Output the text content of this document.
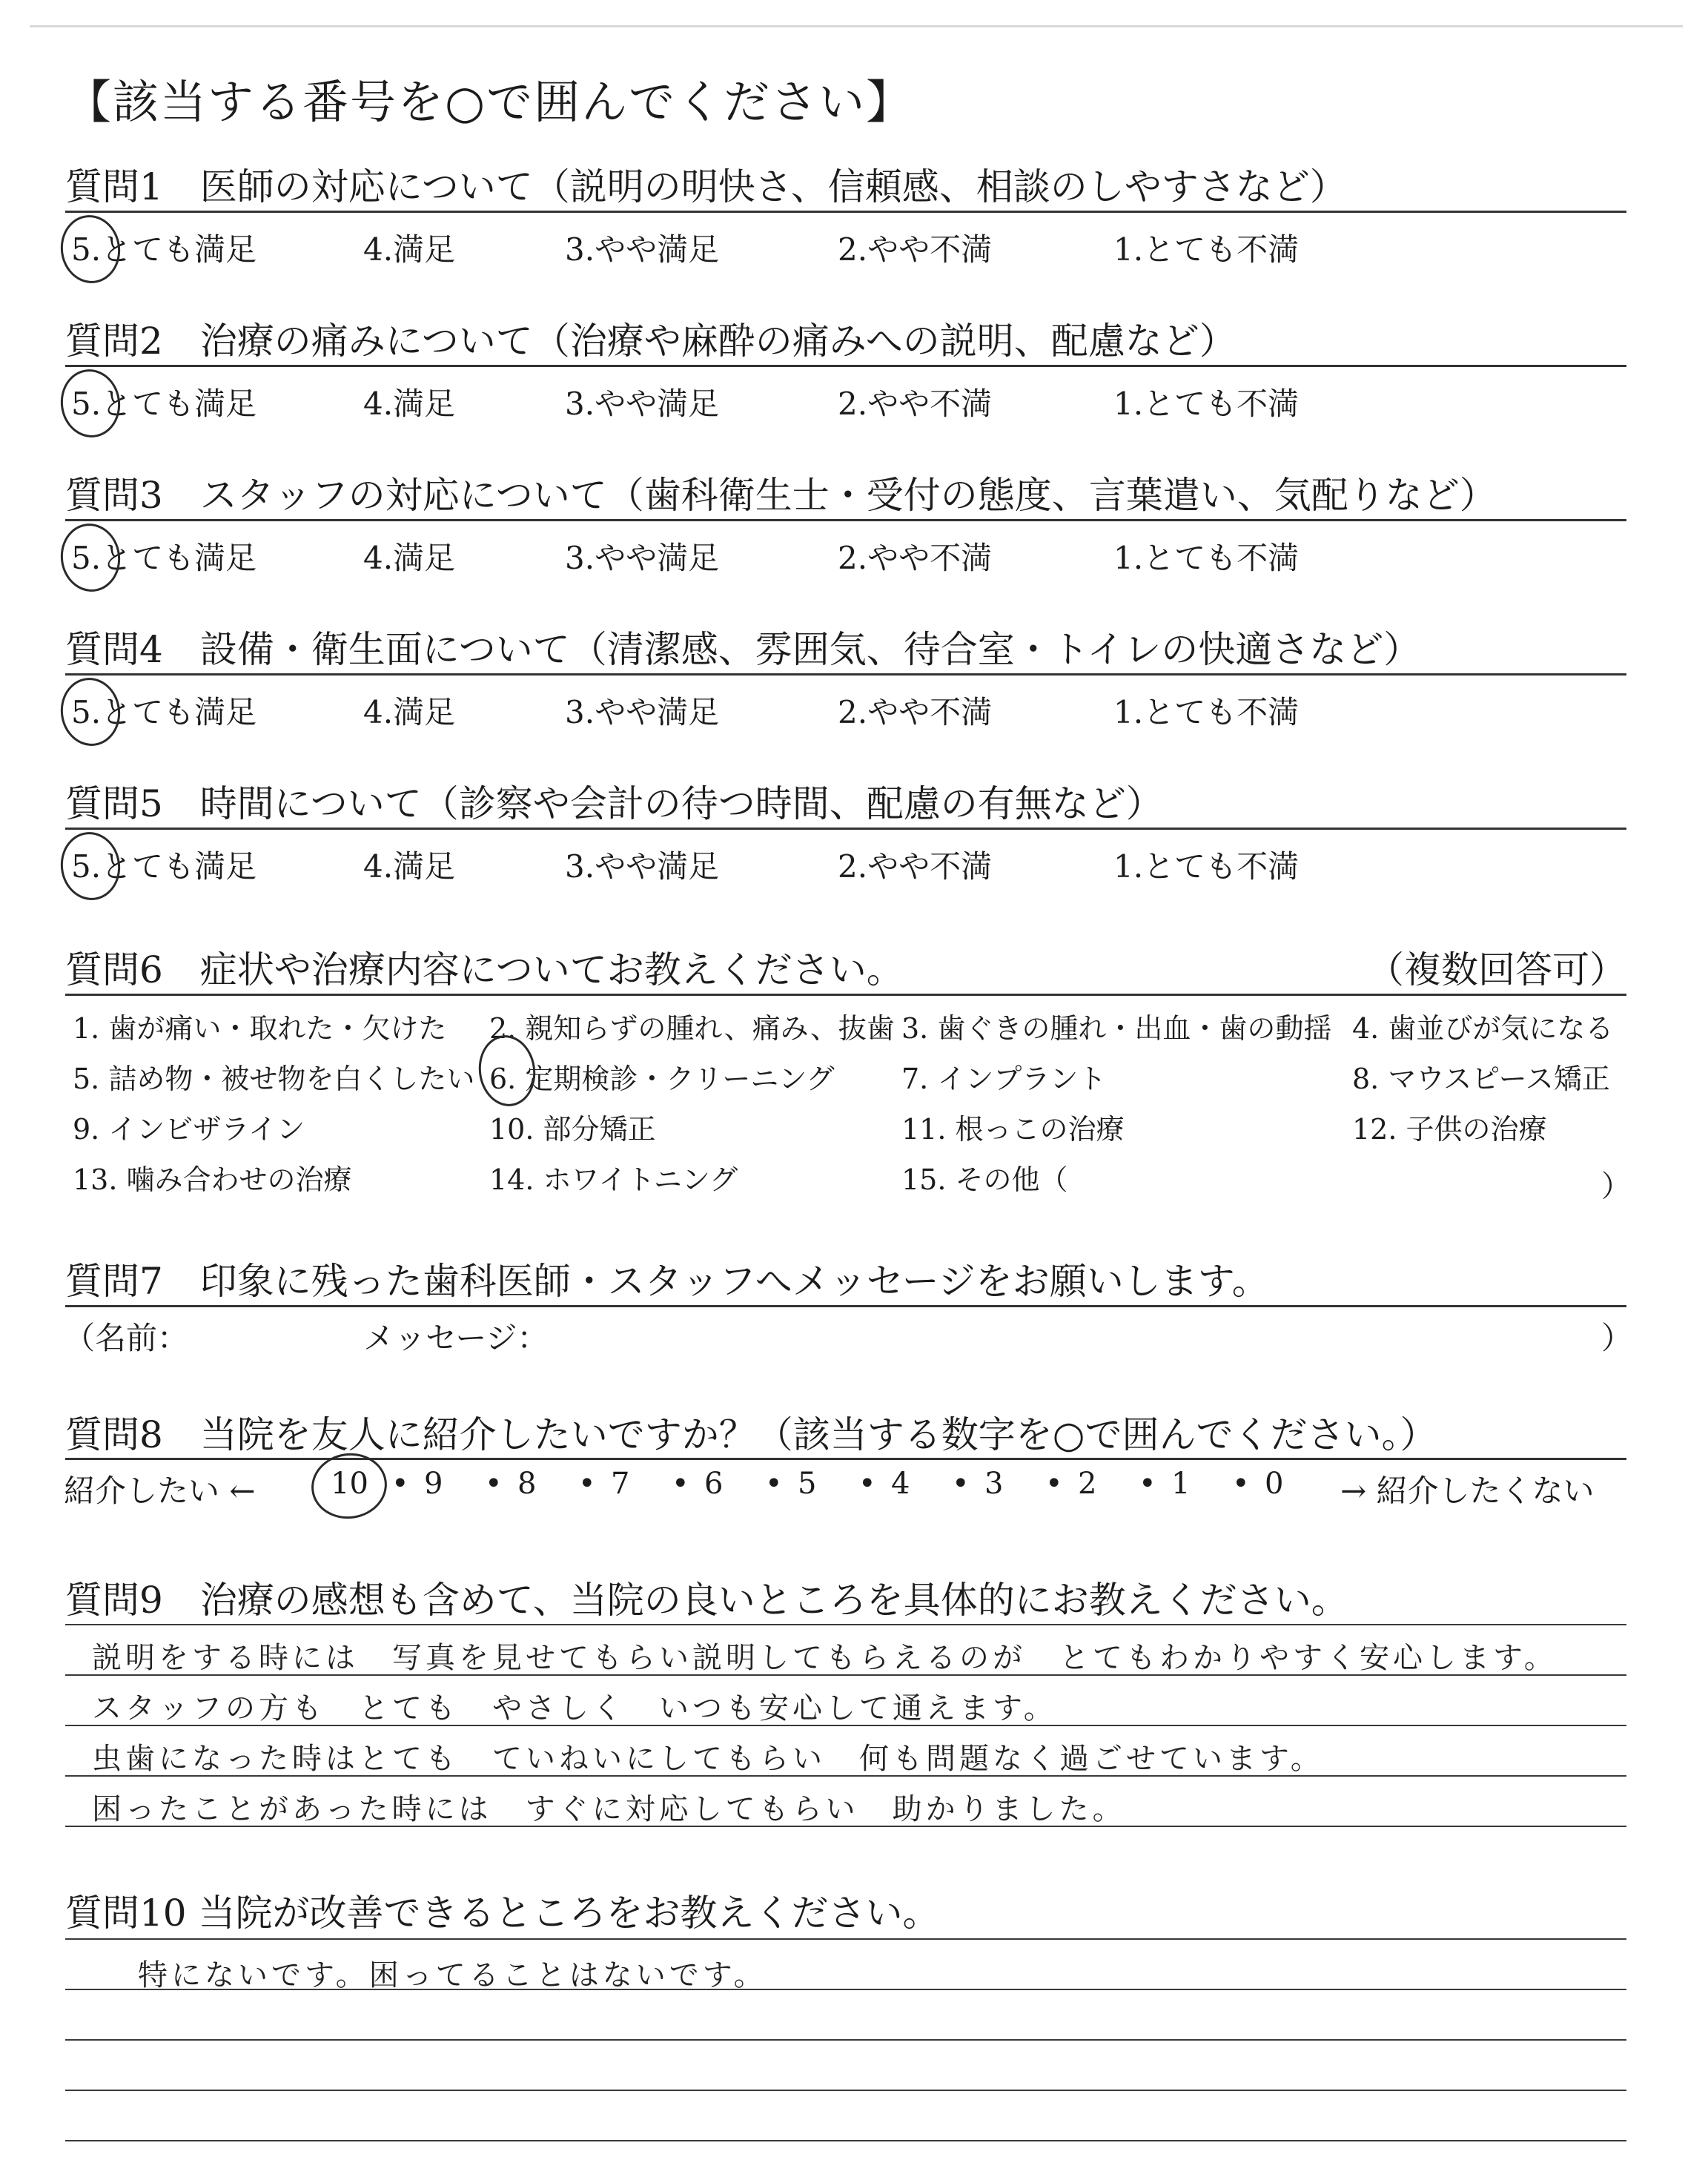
【該当する番号を○で囲んでください】
質問6　症状や治療内容についてお教えください。	（複数回答可）
）
質問7　印象に残った歯科医師・スタッフへメッセージをお願いします。
（名前：	メッセージ：	）
質問8　当院を友人に紹介したいですか？（該当する数字を○で囲んでください。）
紹介したい ←	→ 紹介したくない
質問9　治療の感想も含めて、当院の良いところを具体的にお教えください。
質問10 当院が改善できるところをお教えください。
質問1　医師の対応について（説明の明快さ、信頼感、相談のしやすさなど）
5.とても満足	4.満足	3.やや満足	2.やや不満	1.とても不満
質問2　治療の痛みについて（治療や麻酔の痛みへの説明、配慮など）
5.とても満足	4.満足	3.やや満足	2.やや不満	1.とても不満
質問3　スタッフの対応について（歯科衛生士・受付の態度、言葉遣い、気配りなど）
5.とても満足	4.満足	3.やや満足	2.やや不満	1.とても不満
質問4　設備・衛生面について（清潔感、雰囲気、待合室・トイレの快適さなど）
5.とても満足	4.満足	3.やや満足	2.やや不満	1.とても不満
質問5　時間について（診察や会計の待つ時間、配慮の有無など）
5.とても満足	4.満足	3.やや満足	2.やや不満	1.とても不満
1. 歯が痛い・取れた・欠けた 2. 親知らずの腫れ、痛み、抜歯 3. 歯ぐきの腫れ・出血・歯の動揺 4. 歯並びが気になる
5. 詰め物・被せ物を白くしたい 6. 定期検診・クリーニング 7. インプラント	8. マウスピース矯正
9. インビザライン	10. 部分矯正	11. 根っこの治療	12. 子供の治療
13. 噛み合わせの治療	14. ホワイトニング	15. その他（
10 • 9 • 8 • 7 • 6 • 5 • 4 • 3 • 2 • 1 • 0
説明をする時には　写真を見せてもらい説明してもらえるのが　とてもわかりやすく安心します。
スタッフの方も　とても　やさしく　いつも安心して通えます。
虫歯になった時はとても　ていねいにしてもらい　何も問題なく過ごせています。
困ったことがあった時には　すぐに対応してもらい　助かりました。
特にないです。困ってることはないです。
